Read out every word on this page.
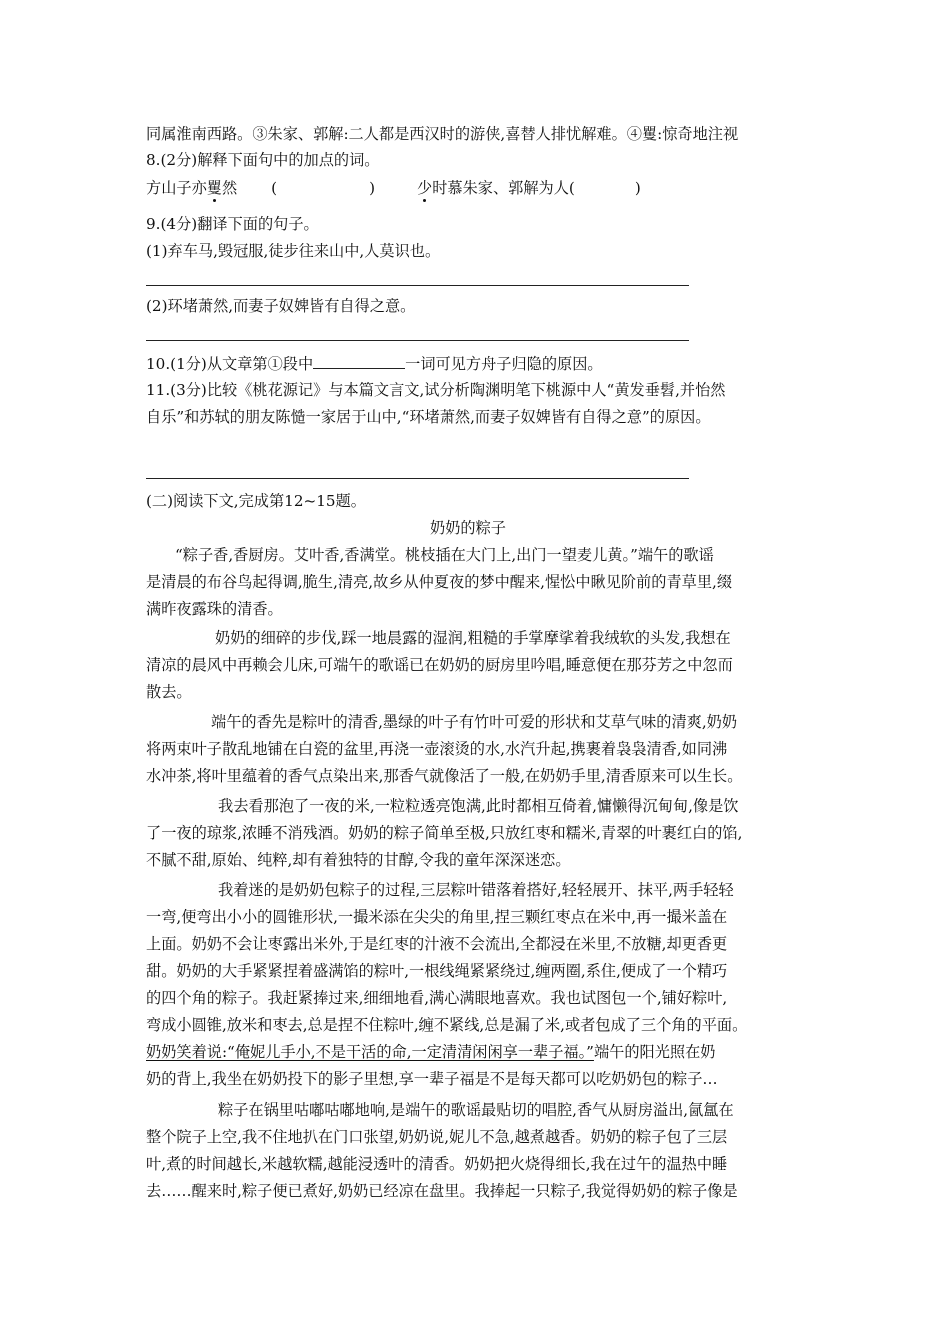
同属淮南西路。③朱家、郭解:二人都是西汉时的游侠,喜替人排忧解难。④矍:惊奇地注视
8.(2分)解释下面句中的加点的词。
方山子亦矍然 (	)	少时慕朱家、郭解为人(	)
9.(4分)翻译下面的句子。
(1)弃车马,毁冠服,徒步往来山中,人莫识也。
(2)环堵萧然,而妻子奴婢皆有自得之意。
10.(1分)从文章第①段中	一词可见方舟子归隐的原因。
11.(3分)比较《桃花源记》与本篇文言文,试分析陶渊明笔下桃源中人“黄发垂髫,并怡然
自乐”和苏轼的朋友陈慥一家居于山中,“环堵萧然,而妻子奴婢皆有自得之意”的原因。
(二)阅读下文,完成第12~15题。
奶奶的粽子
“粽子香,香厨房。艾叶香,香满堂。桃枝插在大门上,出门一望麦儿黄。”端午的歌谣
是清晨的布谷鸟起得调,脆生,清亮,故乡从仲夏夜的梦中醒来,惺忪中瞅见阶前的青草里,缀
满昨夜露珠的清香。
奶奶的细碎的步伐,踩一地晨露的湿润,粗糙的手掌摩挲着我绒软的头发,我想在
清凉的晨风中再赖会儿床,可端午的歌谣已在奶奶的厨房里吟唱,睡意便在那芬芳之中忽而
散去。
端午的香先是粽叶的清香,墨绿的叶子有竹叶可爱的形状和艾草气味的清爽,奶奶
将两束叶子散乱地铺在白瓷的盆里,再浇一壶滚烫的水,水汽升起,携裹着袅袅清香,如同沸
水冲茶,将叶里蕴着的香气点染出来,那香气就像活了一般,在奶奶手里,清香原来可以生长。
我去看那泡了一夜的米,一粒粒透亮饱满,此时都相互倚着,慵懒得沉甸甸,像是饮
了一夜的琼浆,浓睡不消残酒。奶奶的粽子简单至极,只放红枣和糯米,青翠的叶裹红白的馅,
不腻不甜,原始、纯粹,却有着独特的甘醇,令我的童年深深迷恋。
我着迷的是奶奶包粽子的过程,三层粽叶错落着搭好,轻轻展开、抹平,两手轻轻
一弯,便弯出小小的圆锥形状,一撮米添在尖尖的角里,捏三颗红枣点在米中,再一撮米盖在
上面。奶奶不会让枣露出米外,于是红枣的汁液不会流出,全都浸在米里,不放糖,却更香更
甜。奶奶的大手紧紧捏着盛满馅的粽叶,一根线绳紧紧绕过,缠两圈,系住,便成了一个精巧
的四个角的粽子。我赶紧捧过来,细细地看,满心满眼地喜欢。我也试图包一个,铺好粽叶,
弯成小圆锥,放米和枣去,总是捏不住粽叶,缠不紧线,总是漏了米,或者包成了三个角的平面。
奶奶笑着说:“俺妮儿手小,不是干活的命,一定清清闲闲享一辈子福。”端午的阳光照在奶
奶的背上,我坐在奶奶投下的影子里想,享一辈子福是不是每天都可以吃奶奶包的粽子…
粽子在锅里咕嘟咕嘟地响,是端午的歌谣最贴切的唱腔,香气从厨房溢出,氤氲在
整个院子上空,我不住地扒在门口张望,奶奶说,妮儿不急,越煮越香。奶奶的粽子包了三层
叶,煮的时间越长,米越软糯,越能浸透叶的清香。奶奶把火烧得细长,我在过午的温热中睡
去……醒来时,粽子便已煮好,奶奶已经凉在盘里。我捧起一只粽子,我觉得奶奶的粽子像是
